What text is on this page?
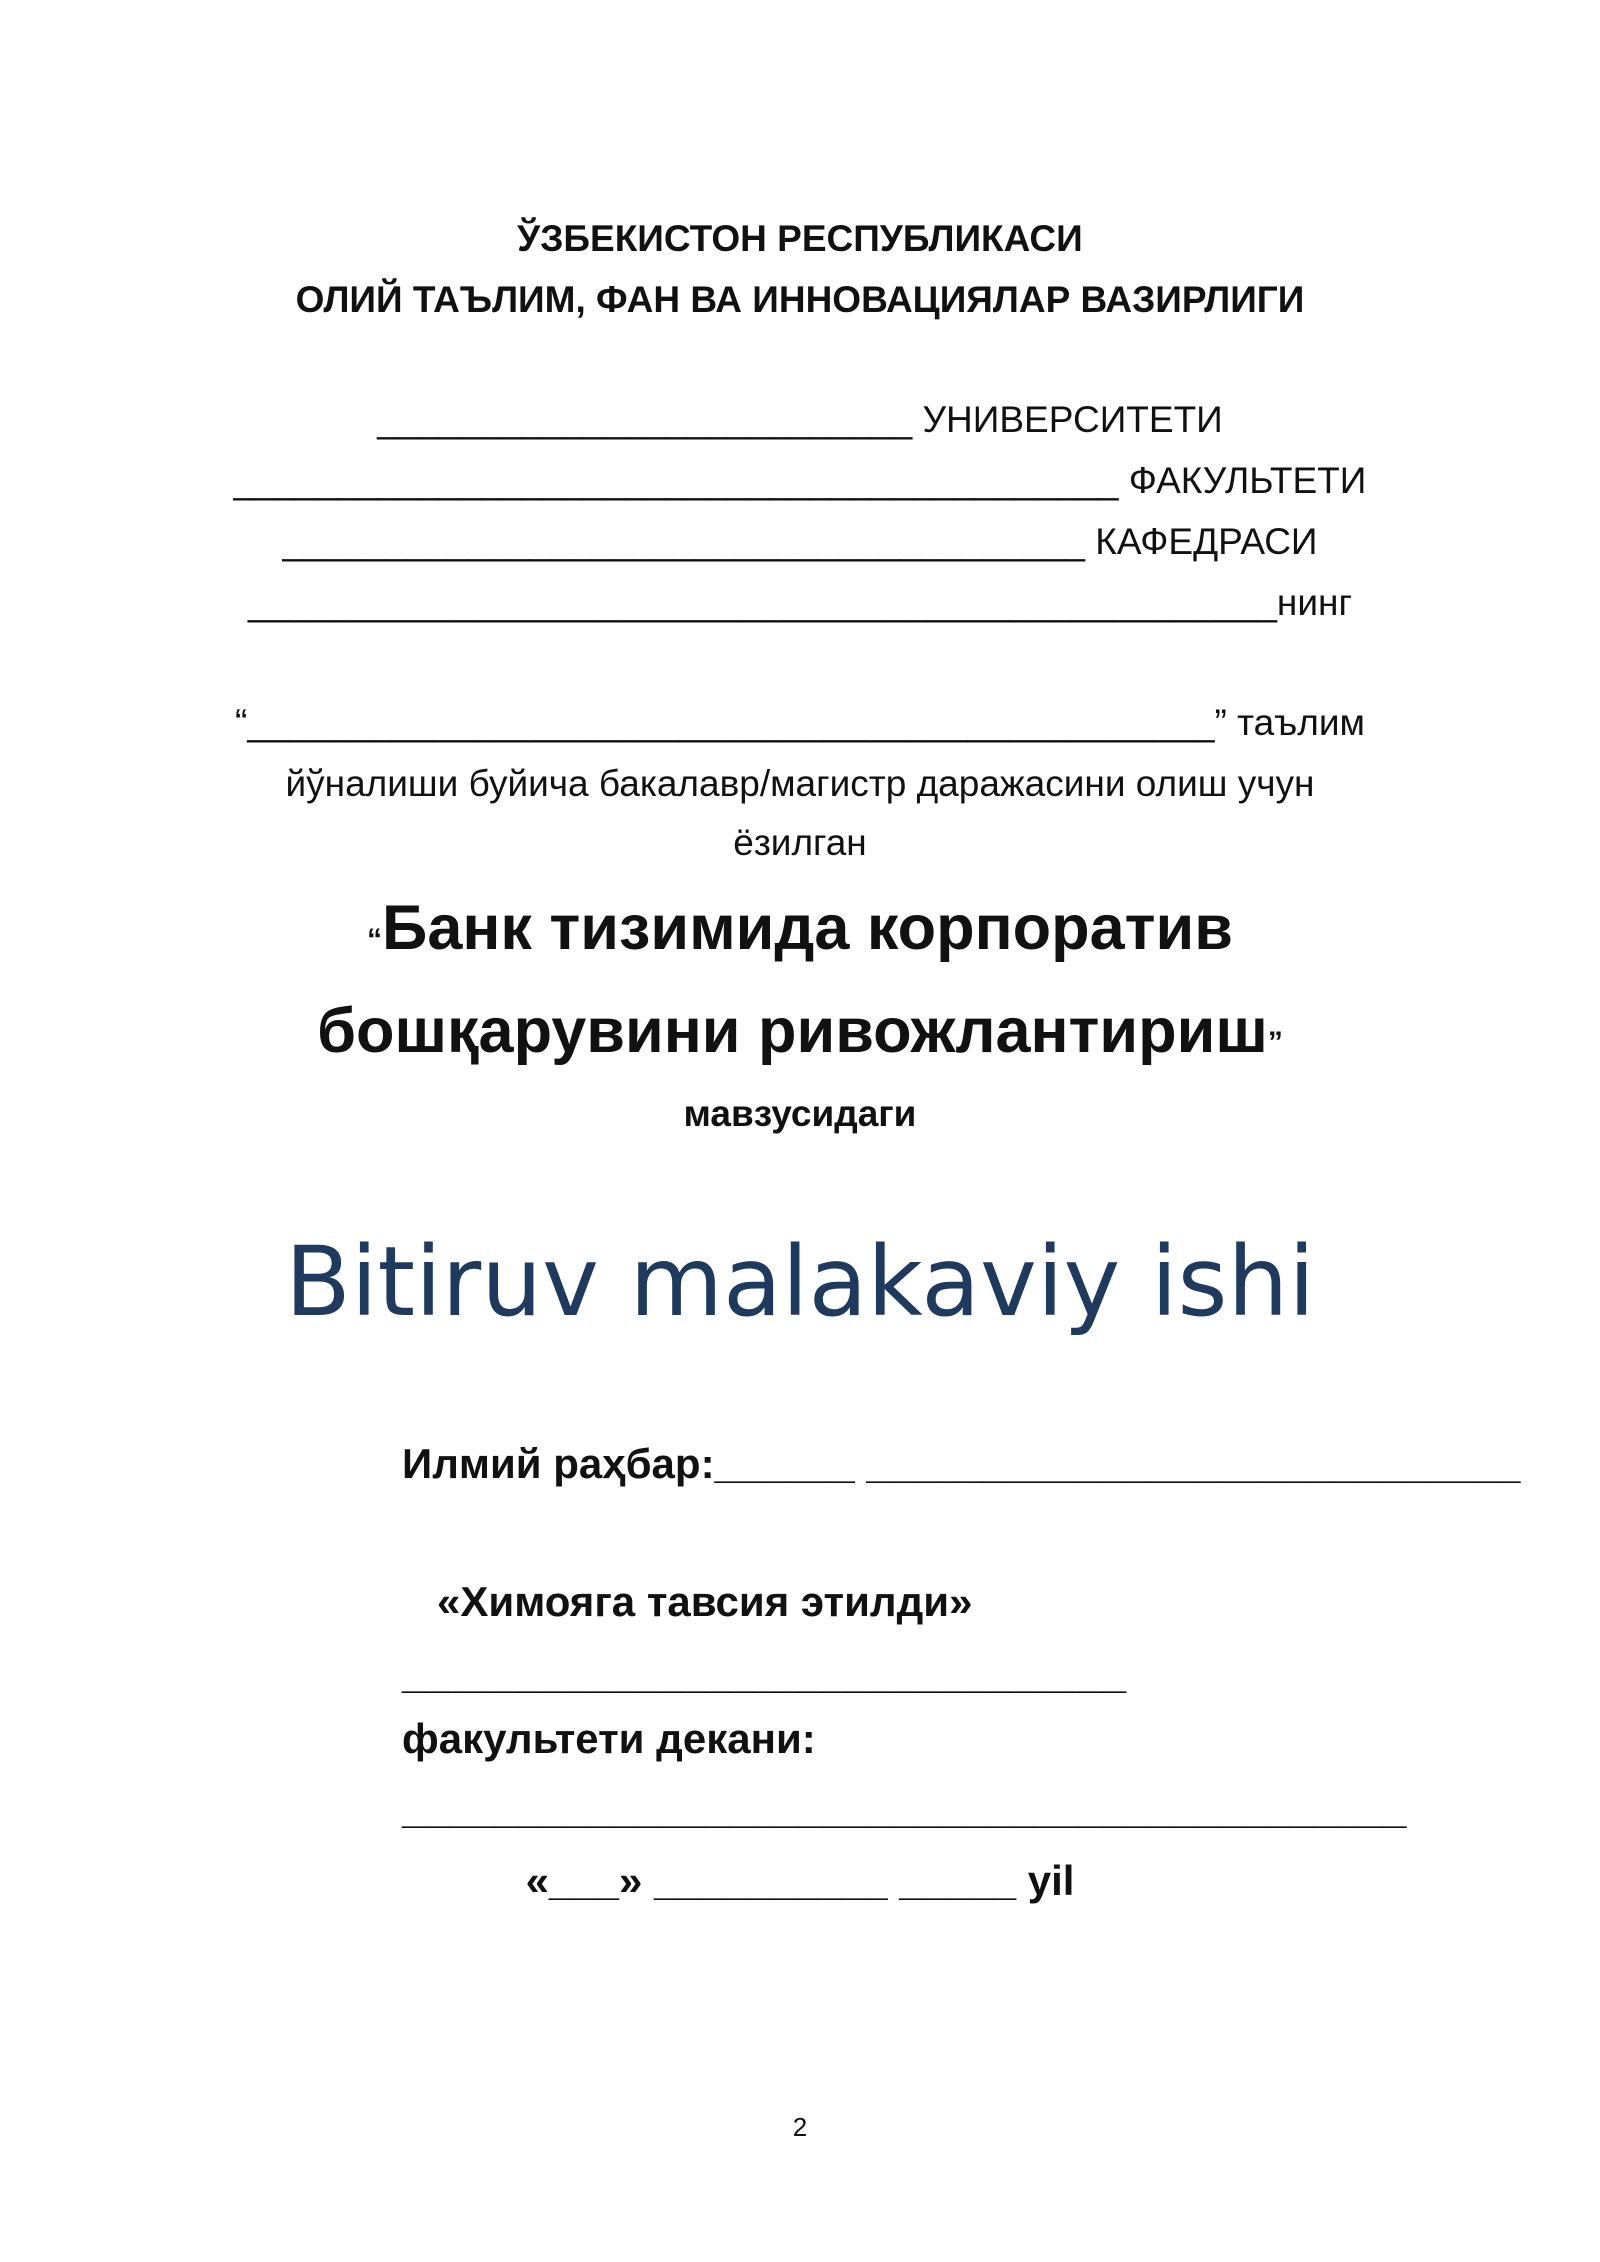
ЎЗБЕКИСТОН РЕСПУБЛИКАСИ
ОЛИЙ ТАЪЛИМ, ФАН ВА ИННОВАЦИЯЛАР ВАЗИРЛИГИ
__________________________ УНИВЕРСИТЕТИ
___________________________________________ ФАКУЛЬТЕТИ
_______________________________________ КАФЕДРАСИ
__________________________________________________нинг
“_______________________________________________” таълим
йўналиши буйича бакалавр/магистр даражасини олиш учун
ёзилган
“Банк тизимида корпоратив
бошқарувини ривожлантириш”
мавзусидаги
Bitiruv malakaviy ishi
Илмий раҳбар:______ ____________________________
«Химояга тавсия этилди»
_______________________________
факультети декани:
___________________________________________
«___» __________ _____ yil
2
